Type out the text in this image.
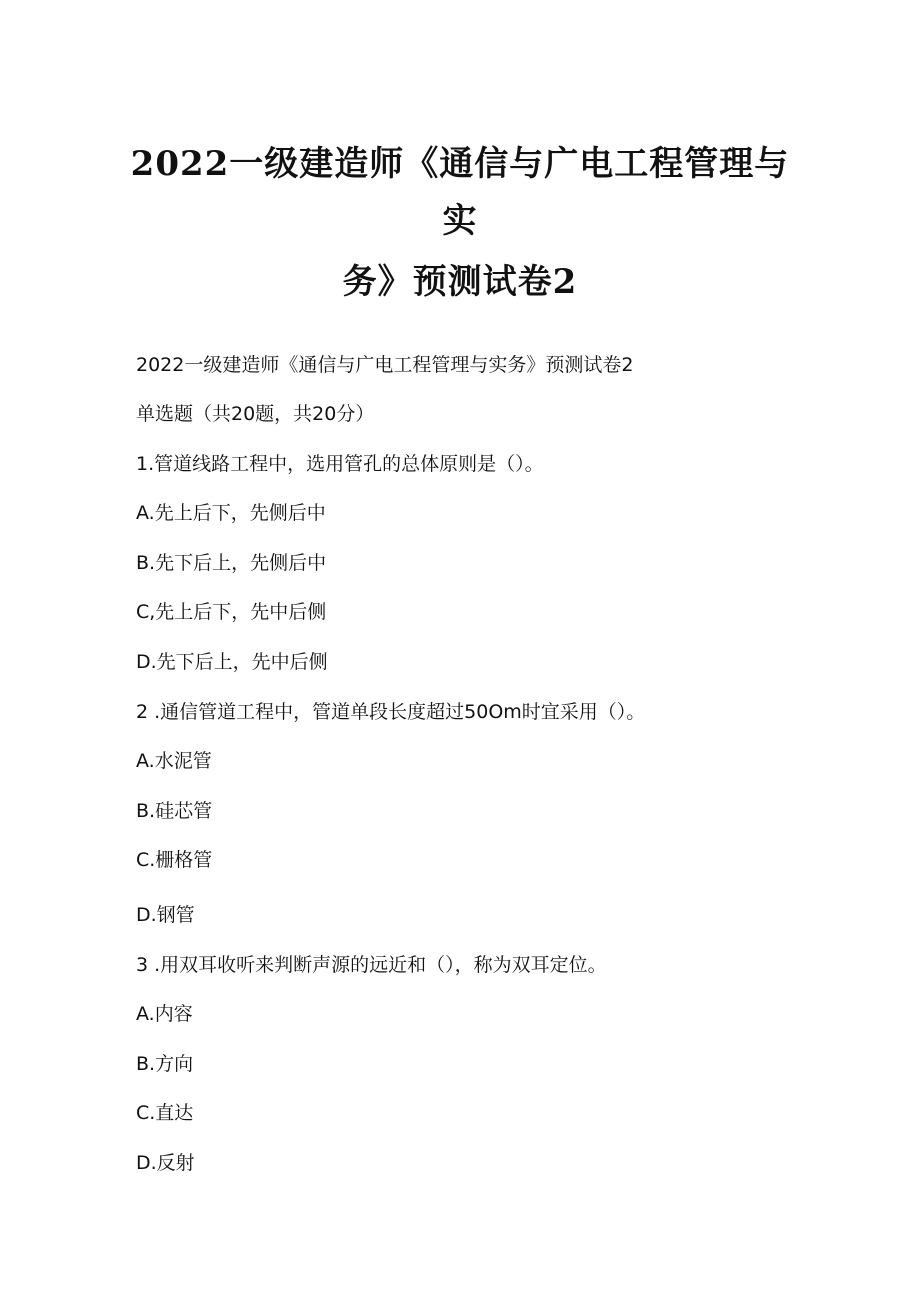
2022一级建造师《通信与广电工程管理与
实
务》预测试卷2
2022一级建造师《通信与广电工程管理与实务》预测试卷2
单选题（共20题，共20分）
1.管道线路工程中，选用管孔的总体原则是（）。
A.先上后下，先侧后中
B.先下后上，先侧后中
C,先上后下，先中后侧
D.先下后上，先中后侧
2 .通信管道工程中，管道单段长度超过50Om时宜采用（）。
A.水泥管
B.硅芯管
C.栅格管
D.钢管
3 .用双耳收听来判断声源的远近和（），称为双耳定位。
A.内容
B.方向
C.直达
D.反射
